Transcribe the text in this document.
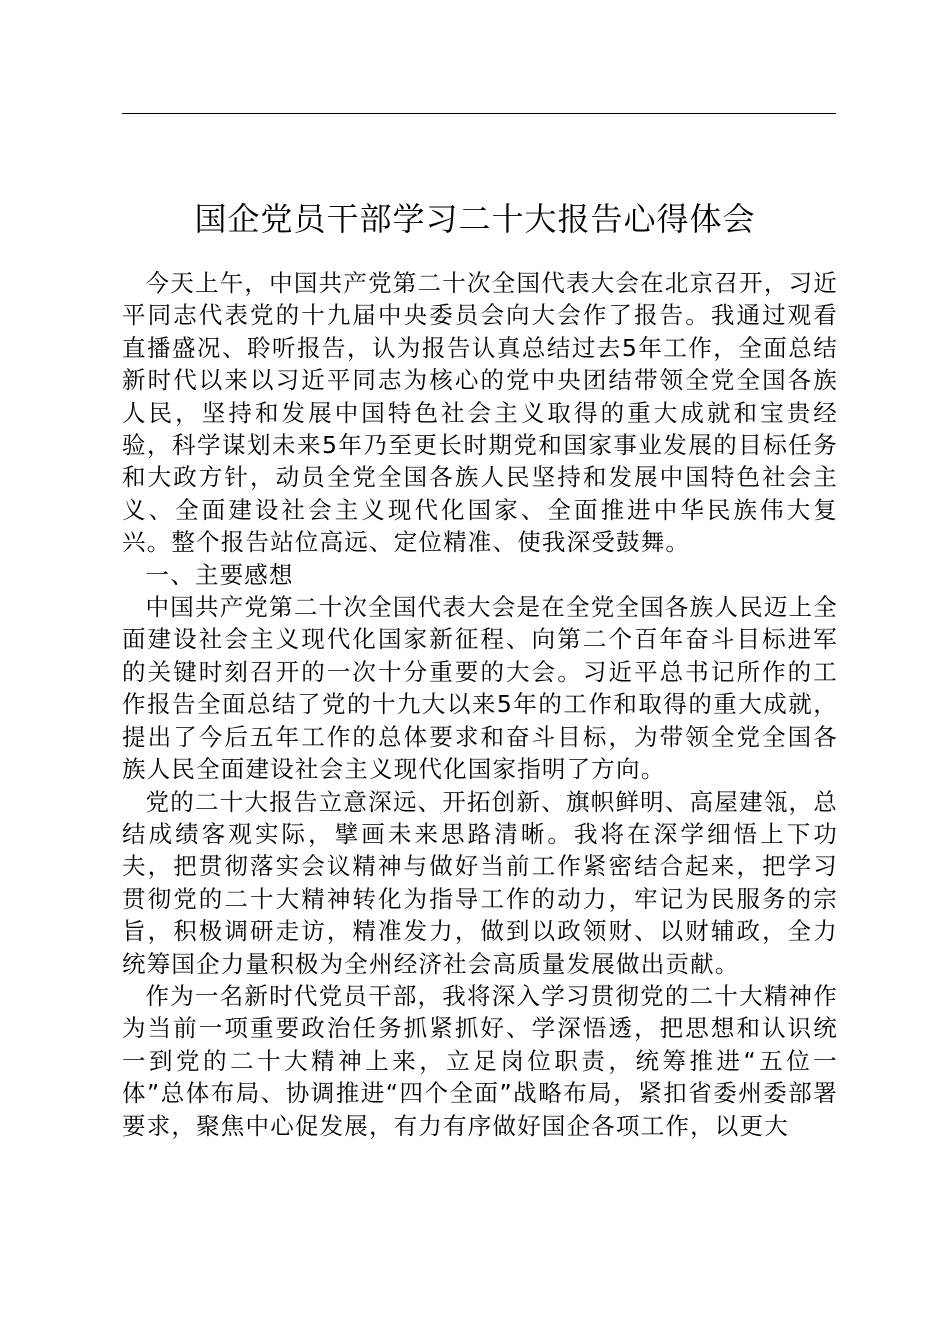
国企党员干部学习二十大报告心得体会

今天上午，中国共产党第二十次全国代表大会在北京召开，习近平同志代表党的十九届中央委员会向大会作了报告。我通过观看直播盛况、聆听报告，认为报告认真总结过去5年工作，全面总结新时代以来以习近平同志为核心的党中央团结带领全党全国各族人民，坚持和发展中国特色社会主义取得的重大成就和宝贵经验，科学谋划未来5年乃至更长时期党和国家事业发展的目标任务和大政方针，动员全党全国各族人民坚持和发展中国特色社会主义、全面建设社会主义现代化国家、全面推进中华民族伟大复兴。整个报告站位高远、定位精准、使我深受鼓舞。

一、主要感想

中国共产党第二十次全国代表大会是在全党全国各族人民迈上全面建设社会主义现代化国家新征程、向第二个百年奋斗目标进军的关键时刻召开的一次十分重要的大会。习近平总书记所作的工作报告全面总结了党的十九大以来5年的工作和取得的重大成就，提出了今后五年工作的总体要求和奋斗目标，为带领全党全国各族人民全面建设社会主义现代化国家指明了方向。

党的二十大报告立意深远、开拓创新、旗帜鲜明、高屋建瓴，总结成绩客观实际，擘画未来思路清晰。我将在深学细悟上下功夫，把贯彻落实会议精神与做好当前工作紧密结合起来，把学习贯彻党的二十大精神转化为指导工作的动力，牢记为民服务的宗旨，积极调研走访，精准发力，做到以政领财、以财辅政，全力统筹国企力量积极为全州经济社会高质量发展做出贡献。

作为一名新时代党员干部，我将深入学习贯彻党的二十大精神作为当前一项重要政治任务抓紧抓好、学深悟透，把思想和认识统一到党的二十大精神上来，立足岗位职责，统筹推进“五位一体”总体布局、协调推进“四个全面”战略布局，紧扣省委州委部署要求，聚焦中心促发展，有力有序做好国企各项工作，以更大
